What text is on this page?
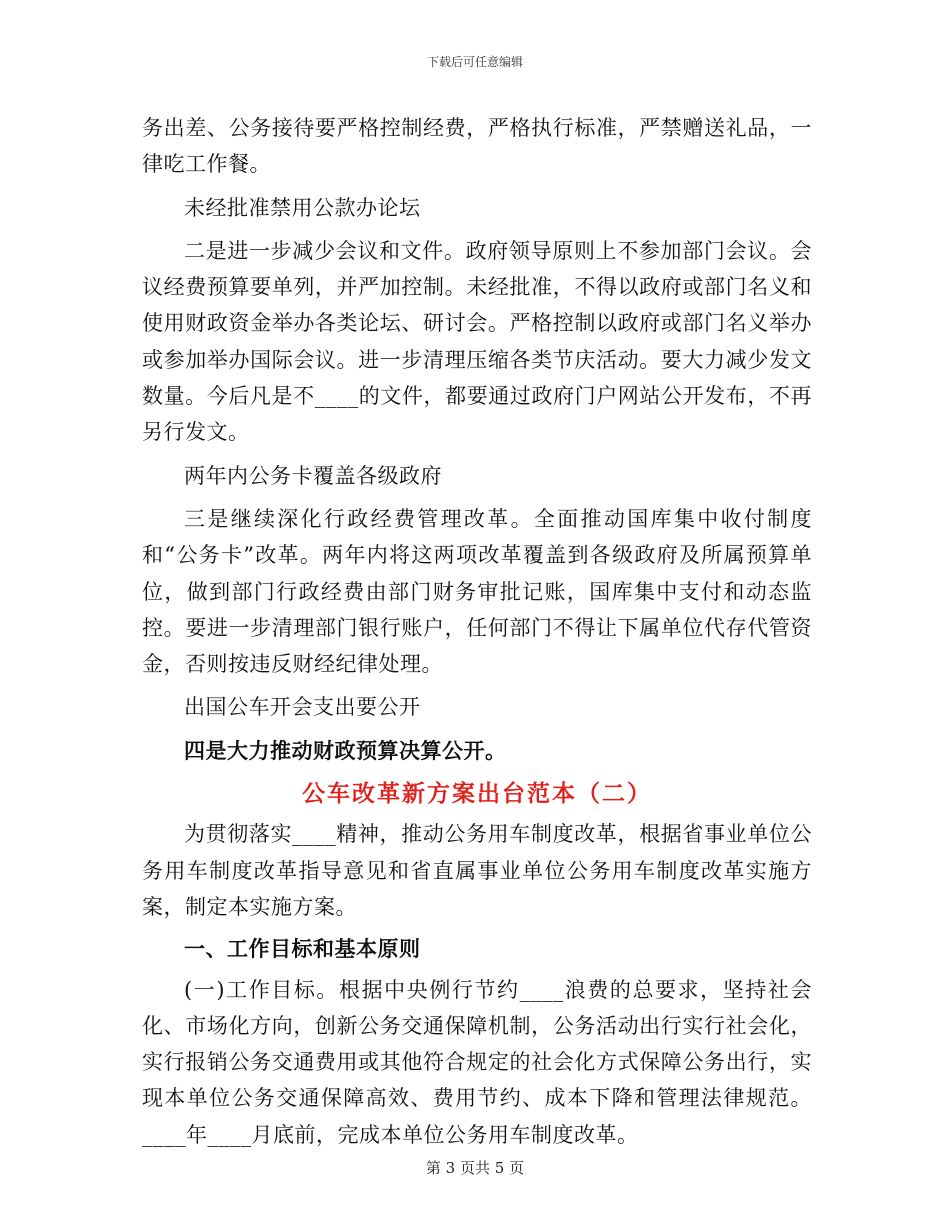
下载后可任意编辑

务出差、公务接待要严格控制经费，严格执行标准，严禁赠送礼品，一律吃工作餐。

未经批准禁用公款办论坛

二是进一步减少会议和文件。政府领导原则上不参加部门会议。会议经费预算要单列，并严加控制。未经批准，不得以政府或部门名义和使用财政资金举办各类论坛、研讨会。严格控制以政府或部门名义举办或参加举办国际会议。进一步清理压缩各类节庆活动。要大力减少发文数量。今后凡是不____的文件，都要通过政府门户网站公开发布，不再另行发文。

两年内公务卡覆盖各级政府

三是继续深化行政经费管理改革。全面推动国库集中收付制度和“公务卡”改革。两年内将这两项改革覆盖到各级政府及所属预算单位，做到部门行政经费由部门财务审批记账，国库集中支付和动态监控。要进一步清理部门银行账户，任何部门不得让下属单位代存代管资金，否则按违反财经纪律处理。

出国公车开会支出要公开

四是大力推动财政预算决算公开。

公车改革新方案出台范本（二）

为贯彻落实____精神，推动公务用车制度改革，根据省事业单位公务用车制度改革指导意见和省直属事业单位公务用车制度改革实施方案，制定本实施方案。

一、工作目标和基本原则

(一)工作目标。根据中央例行节约____浪费的总要求，坚持社会化、市场化方向，创新公务交通保障机制，公务活动出行实行社会化，实行报销公务交通费用或其他符合规定的社会化方式保障公务出行，实现本单位公务交通保障高效、费用节约、成本下降和管理法律规范。____年____月底前，完成本单位公务用车制度改革。

第 3 页共 5 页
